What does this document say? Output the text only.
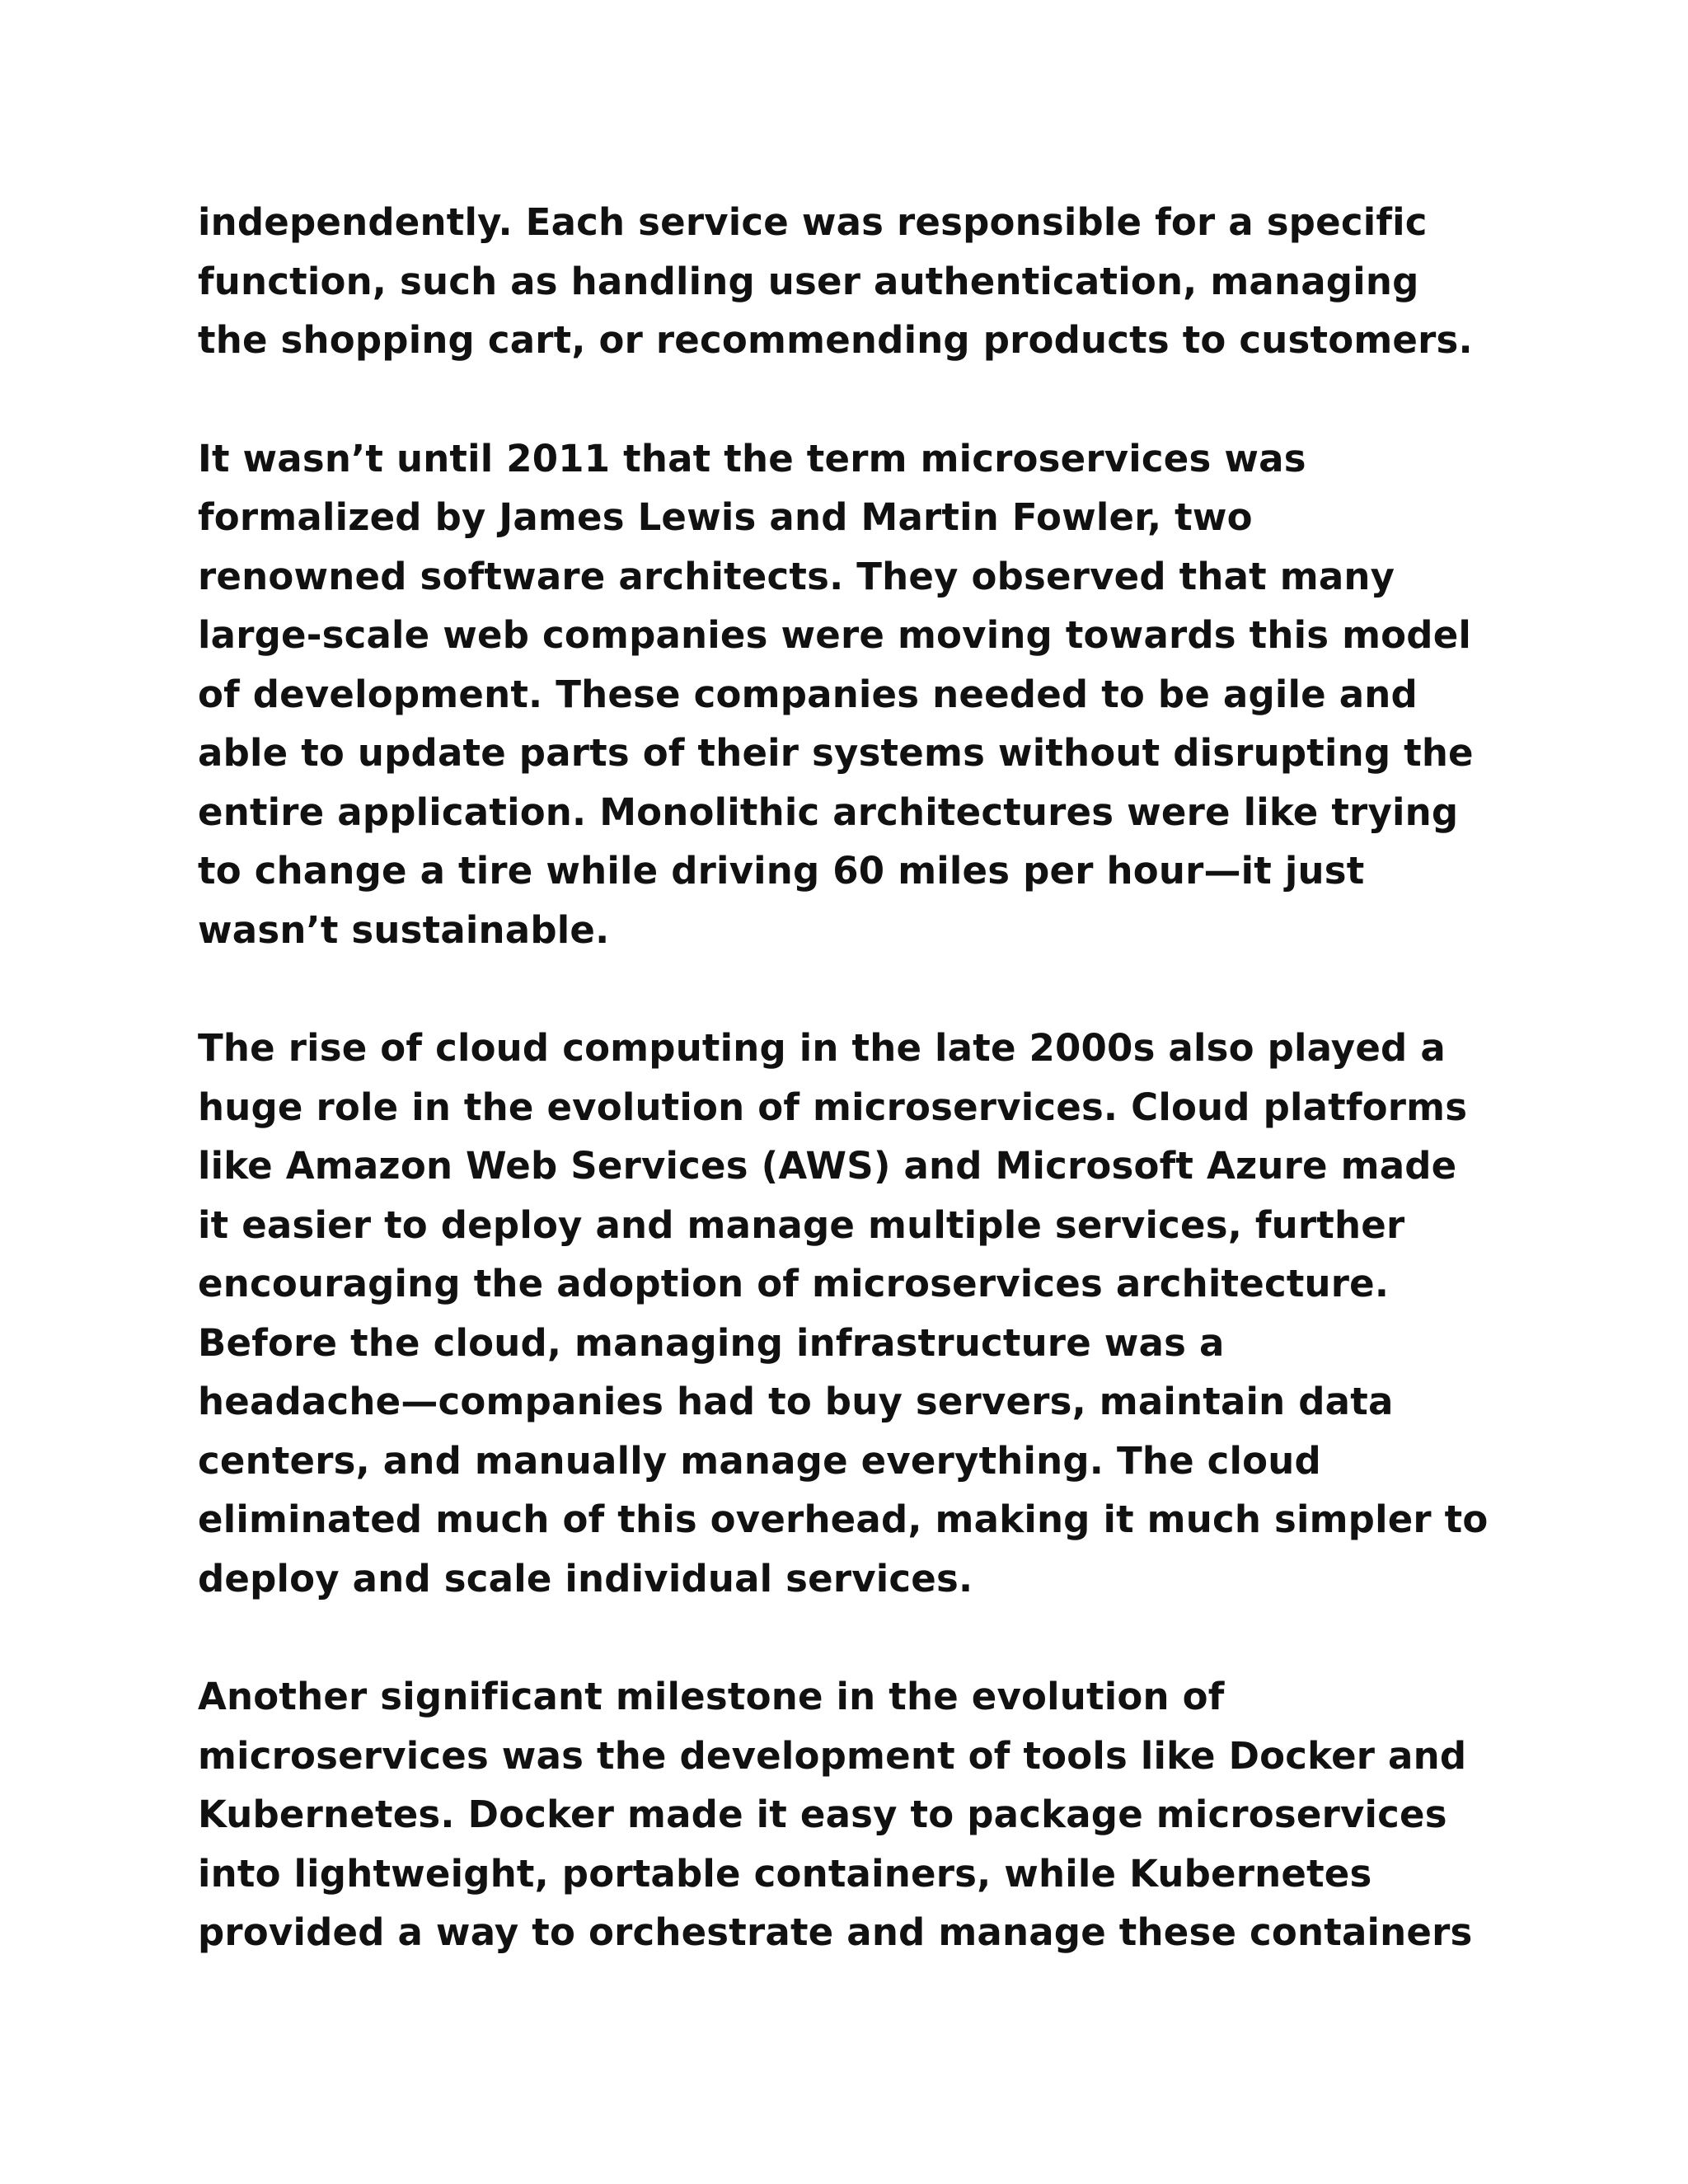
independently. Each service was responsible for a specific
function, such as handling user authentication, managing
the shopping cart, or recommending products to customers.

It wasn’t until 2011 that the term microservices was
formalized by James Lewis and Martin Fowler, two
renowned software architects. They observed that many
large-scale web companies were moving towards this model
of development. These companies needed to be agile and
able to update parts of their systems without disrupting the
entire application. Monolithic architectures were like trying
to change a tire while driving 60 miles per hour—it just
wasn’t sustainable.

The rise of cloud computing in the late 2000s also played a
huge role in the evolution of microservices. Cloud platforms
like Amazon Web Services (AWS) and Microsoft Azure made
it easier to deploy and manage multiple services, further
encouraging the adoption of microservices architecture.
Before the cloud, managing infrastructure was a
headache—companies had to buy servers, maintain data
centers, and manually manage everything. The cloud
eliminated much of this overhead, making it much simpler to
deploy and scale individual services.

Another significant milestone in the evolution of
microservices was the development of tools like Docker and
Kubernetes. Docker made it easy to package microservices
into lightweight, portable containers, while Kubernetes
provided a way to orchestrate and manage these containers
